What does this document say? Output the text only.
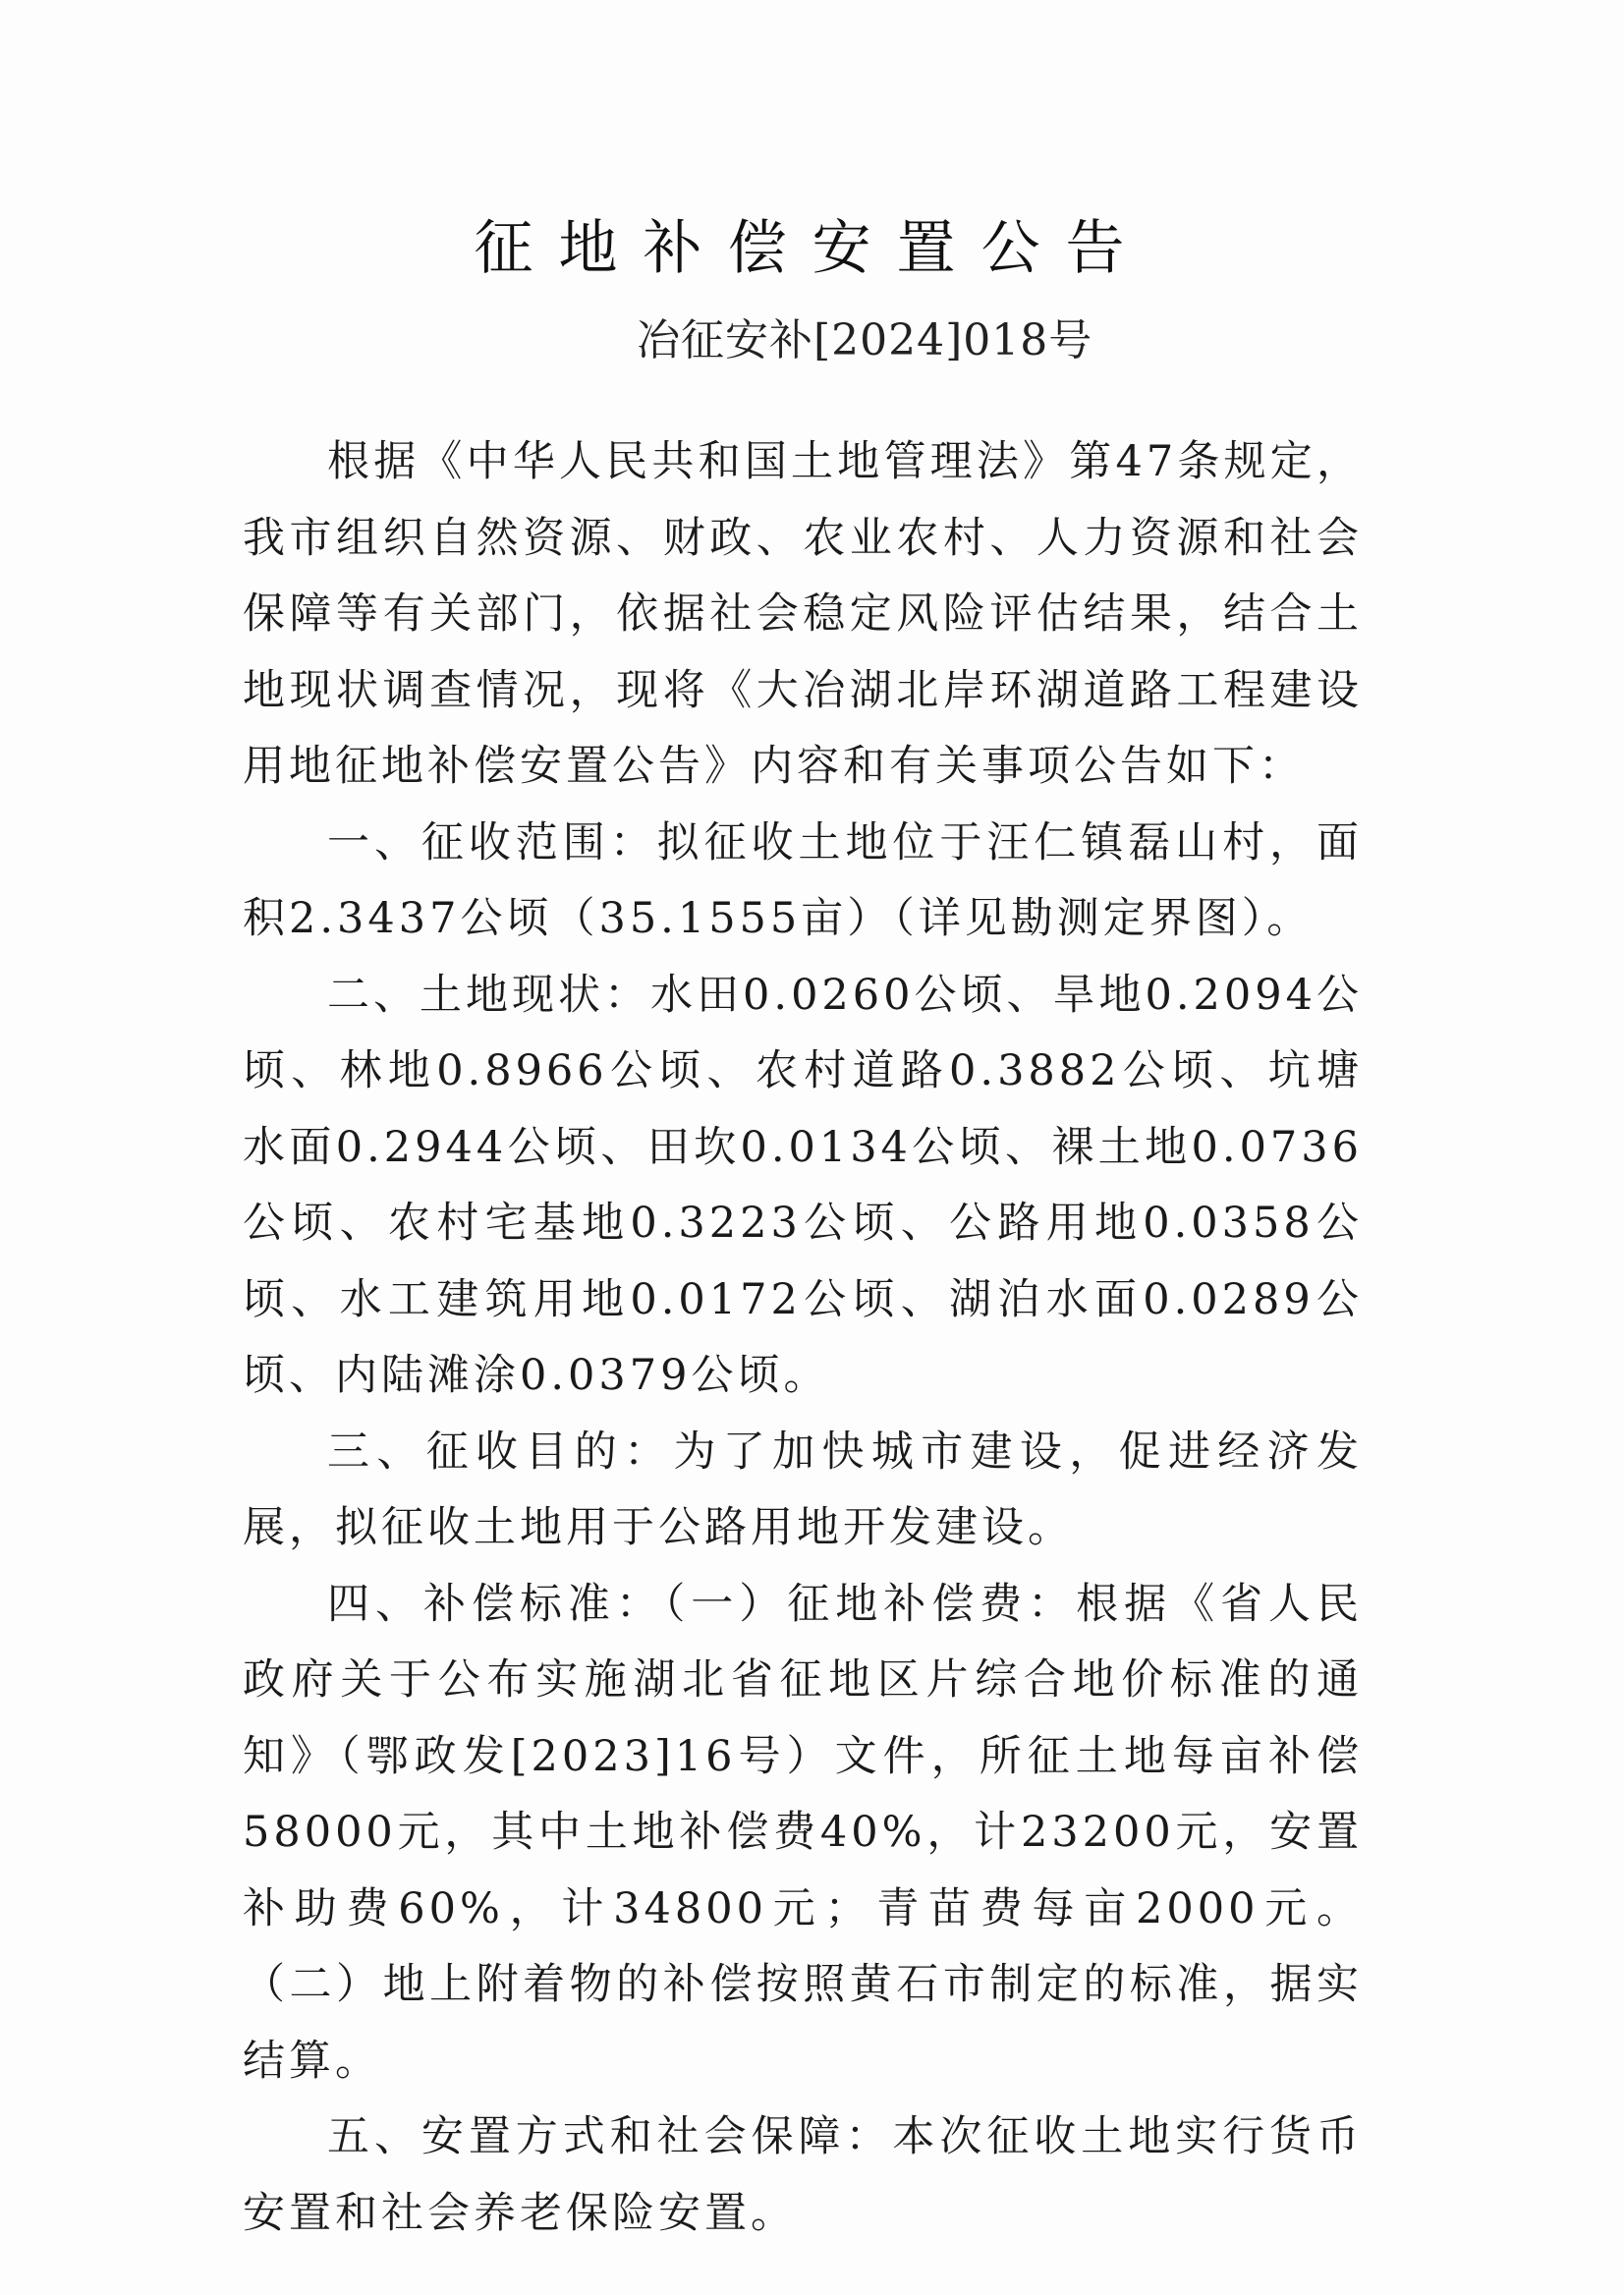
征地补偿安置公告
冶征安补[2024]018号

根据《中华人民共和国土地管理法》第47条规定，我市组织自然资源、财政、农业农村、人力资源和社会保障等有关部门，依据社会稳定风险评估结果，结合土地现状调查情况，现将《大冶湖北岸环湖道路工程建设用地征地补偿安置公告》内容和有关事项公告如下：

一、征收范围：拟征收土地位于汪仁镇磊山村，面积2.3437公顷（35.1555亩）（详见勘测定界图）。

二、土地现状：水田0.0260公顷、旱地0.2094公顷、林地0.8966公顷、农村道路0.3882公顷、坑塘水面0.2944公顷、田坎0.0134公顷、裸土地0.0736公顷、农村宅基地0.3223公顷、公路用地0.0358公顷、水工建筑用地0.0172公顷、湖泊水面0.0289公顷、内陆滩涂0.0379公顷。

三、征收目的：为了加快城市建设，促进经济发展，拟征收土地用于公路用地开发建设。

四、补偿标准：（一）征地补偿费：根据《省人民政府关于公布实施湖北省征地区片综合地价标准的通知》（鄂政发[2023]16号）文件，所征土地每亩补偿58000元，其中土地补偿费40%，计23200元，安置补助费60%，计34800元；青苗费每亩2000元。（二）地上附着物的补偿按照黄石市制定的标准，据实结算。

五、安置方式和社会保障：本次征收土地实行货币安置和社会养老保险安置。
